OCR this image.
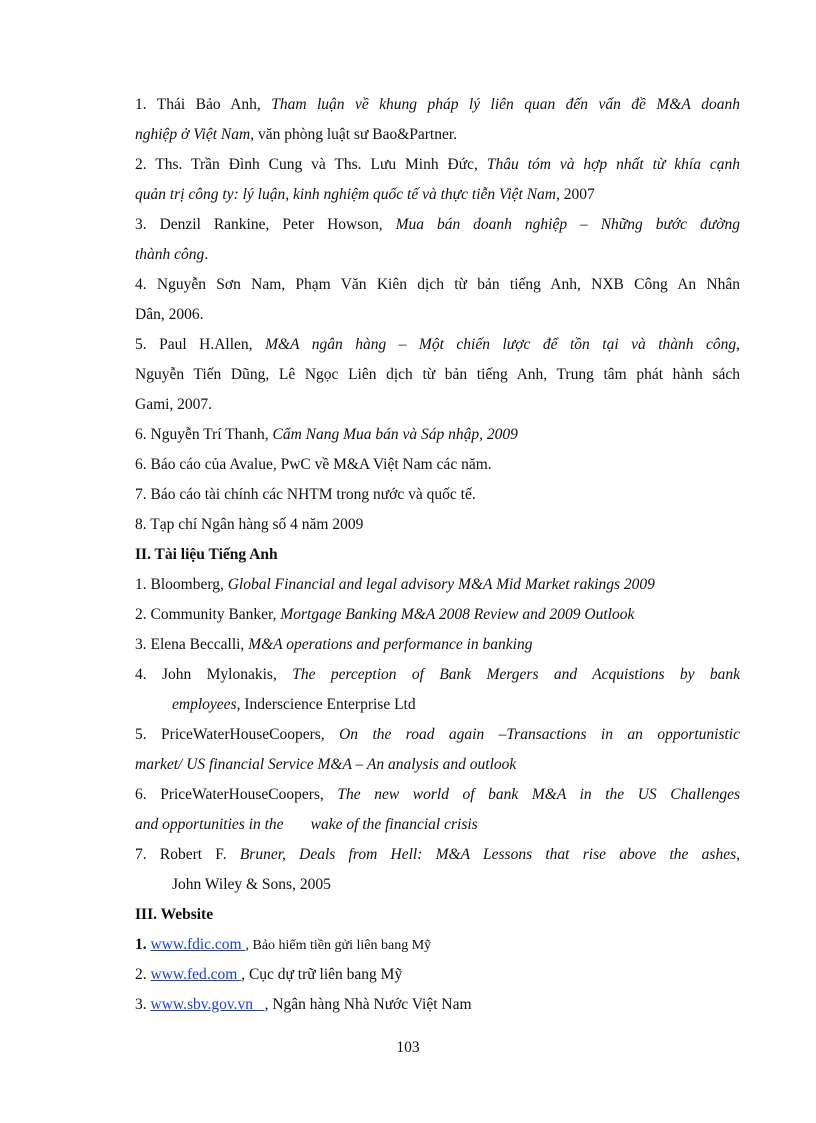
1. Thái Bảo Anh, Tham luận về khung pháp lý liên quan đến vấn đề M&A doanh
nghiệp ở Việt Nam, văn phòng luật sư Bao&Partner.
2. Ths. Trần Đình Cung và Ths. Lưu Minh Đức, Thâu tóm và hợp nhất từ khía cạnh
quản trị công ty: lý luận, kinh nghiệm quốc tế và thực tiễn Việt Nam, 2007
3. Denzil Rankine, Peter Howson, Mua bán doanh nghiệp – Những bước đường
thành công.
4. Nguyễn Sơn Nam, Phạm Văn Kiên dịch từ bản tiếng Anh, NXB Công An Nhân
Dân, 2006.
5. Paul H.Allen, M&A ngân hàng – Một chiến lược để tồn tại và thành công,
Nguyễn Tiến Dũng, Lê Ngọc Liên dịch từ bản tiếng Anh, Trung tâm phát hành sách
Gami, 2007.
6. Nguyễn Trí Thanh, Cẩm Nang Mua bán và Sáp nhập, 2009
6. Báo cáo của Avalue, PwC về M&A Việt Nam các năm.
7. Báo cáo tài chính các NHTM trong nước và quốc tế.
8. Tạp chí Ngân hàng số 4 năm 2009
II. Tài liệu Tiếng Anh
1. Bloomberg, Global Financial and legal advisory M&A Mid Market rakings 2009
2. Community Banker, Mortgage Banking M&A 2008 Review and 2009 Outlook
3. Elena Beccalli, M&A operations and performance in banking
4. John Mylonakis, The perception of Bank Mergers and Acquistions by bank
employees, Inderscience Enterprise Ltd
5. PriceWaterHouseCoopers, On the road again –Transactions in an opportunistic
market/ US financial Service M&A – An analysis and outlook
6. PriceWaterHouseCoopers, The new world of bank M&A in the US Challenges
and opportunities in the       wake of the financial crisis
7. Robert F. Bruner, Deals from Hell: M&A Lessons that rise above the ashes,
John Wiley & Sons, 2005
III. Website
1. www.fdic.com , Bảo hiểm tiền gửi liên bang Mỹ
2. www.fed.com , Cục dự trữ liên bang Mỹ
3. www.sbv.gov.vn   , Ngân hàng Nhà Nước Việt Nam
103
